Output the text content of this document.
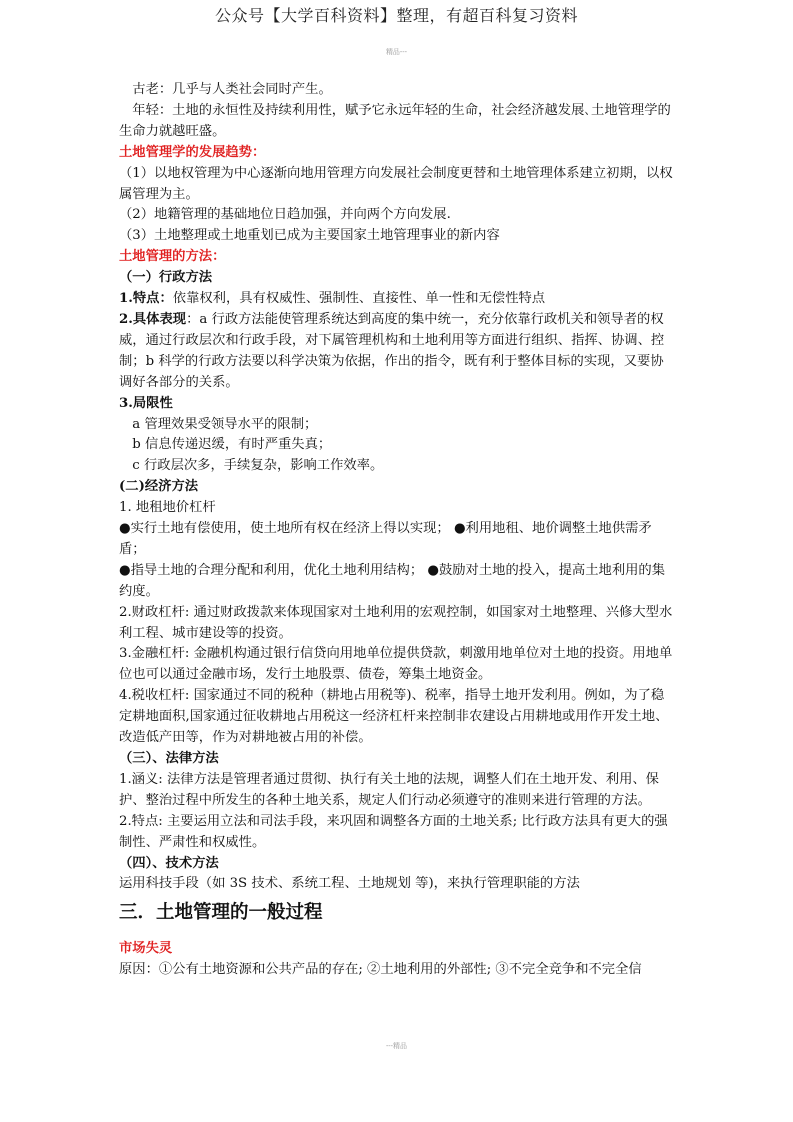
公众号【大学百科资料】整理，有超百科复习资料
精品---

古老：几乎与人类社会同时产生。

年轻：土地的永恒性及持续利用性，赋予它永远年轻的生命，社会经济越发展､土地管理学的生命力就越旺盛。

土地管理学的发展趋势：

（1）以地权管理为中心逐渐向地用管理方向发展社会制度更替和土地管理体系建立初期，以权属管理为主。

（2）地籍管理的基础地位日趋加强，并向两个方向发展.

（3）土地整理或土地重划已成为主要国家土地管理事业的新内容

土地管理的方法：

（一）行政方法

1.特点：依靠权利，具有权威性、强制性、直接性、单一性和无偿性特点

2.具体表现：a 行政方法能使管理系统达到高度的集中统一，充分依靠行政机关和领导者的权威，通过行政层次和行政手段，对下属管理机构和土地利用等方面进行组织、指挥、协调、控制；b 科学的行政方法要以科学决策为依据，作出的指令，既有利于整体目标的实现，又要协调好各部分的关系。

3.局限性

a 管理效果受领导水平的限制；

b 信息传递迟缓，有时严重失真；

c 行政层次多，手续复杂，影响工作效率。

(二)经济方法

1. 地租地价杠杆

●实行土地有偿使用，使土地所有权在经济上得以实现； ●利用地租、地价调整土地供需矛盾；

●指导土地的合理分配和利用，优化土地利用结构； ●鼓励对土地的投入，提高土地利用的集约度。

2.财政杠杆: 通过财政拨款来体现国家对土地利用的宏观控制，如国家对土地整理、兴修大型水利工程、城市建设等的投资。

3.金融杠杆: 金融机构通过银行信贷向用地单位提供贷款，刺激用地单位对土地的投资。用地单位也可以通过金融市场，发行土地股票、债卷，筹集土地资金。

4.税收杠杆: 国家通过不同的税种（耕地占用税等)、税率，指导土地开发利用。例如，为了稳定耕地面积,国家通过征收耕地占用税这一经济杠杆来控制非农建设占用耕地或用作开发土地、改造低产田等，作为对耕地被占用的补偿。

（三）、法律方法

1.涵义: 法律方法是管理者通过贯彻、执行有关土地的法规，调整人们在土地开发、利用、保护、整治过程中所发生的各种土地关系，规定人们行动必须遵守的准则来进行管理的方法。

2.特点: 主要运用立法和司法手段，来巩固和调整各方面的土地关系; 比行政方法具有更大的强制性、严肃性和权威性。

（四）、技术方法

运用科技手段（如 3S 技术、系统工程、土地规划 等)，来执行管理职能的方法

三．土地管理的一般过程

市场失灵

原因：①公有土地资源和公共产品的存在; ②土地利用的外部性; ③不完全竞争和不完全信

---精品
